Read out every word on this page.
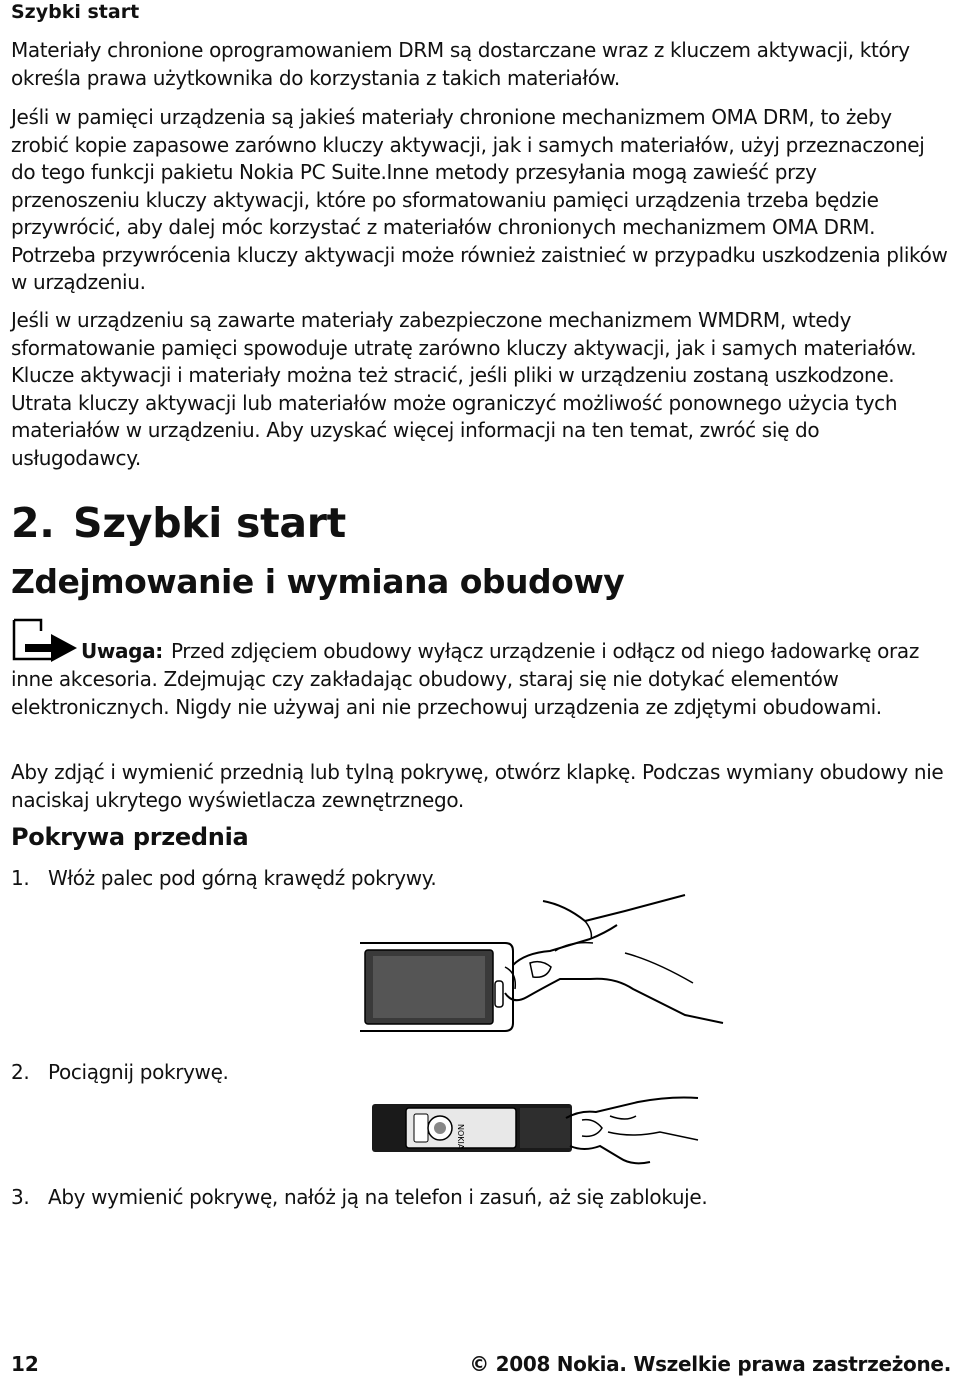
Szybki start
Materiały chronione oprogramowaniem DRM są dostarczane wraz z kluczem aktywacji, który określa prawa użytkownika do korzystania z takich materiałów.
Jeśli w pamięci urządzenia są jakieś materiały chronione mechanizmem OMA DRM, to żeby zrobić kopie zapasowe zarówno kluczy aktywacji, jak i samych materiałów, użyj przeznaczonej do tego funkcji pakietu Nokia PC Suite.Inne metody przesyłania mogą zawieść przy przenoszeniu kluczy aktywacji, które po sformatowaniu pamięci urządzenia trzeba będzie przywrócić, aby dalej móc korzystać z materiałów chronionych mechanizmem OMA DRM. Potrzeba przywrócenia kluczy aktywacji może również zaistnieć w przypadku uszkodzenia plików w urządzeniu.
Jeśli w urządzeniu są zawarte materiały zabezpieczone mechanizmem WMDRM, wtedy sformatowanie pamięci spowoduje utratę zarówno kluczy aktywacji, jak i samych materiałów. Klucze aktywacji i materiały można też stracić, jeśli pliki w urządzeniu zostaną uszkodzone. Utrata kluczy aktywacji lub materiałów może ograniczyć możliwość ponownego użycia tych materiałów w urządzeniu. Aby uzyskać więcej informacji na ten temat, zwróć się do usługodawcy.
2. Szybki start
Zdejmowanie i wymiana obudowy
Uwaga: Przed zdjęciem obudowy wyłącz urządzenie i odłącz od niego ładowarkę oraz inne akcesoria. Zdejmując czy zakładając obudowy, staraj się nie dotykać elementów elektronicznych. Nigdy nie używaj ani nie przechowuj urządzenia ze zdjętymi obudowami.
Aby zdjąć i wymienić przednią lub tylną pokrywę, otwórz klapkę. Podczas wymiany obudowy nie naciskaj ukrytego wyświetlacza zewnętrznego.
Pokrywa przednia
1. Włóż palec pod górną krawędź pokrywy.
2. Pociągnij pokrywę.
NOKIA
3. Aby wymienić pokrywę, nałóż ją na telefon i zasuń, aż się zablokuje.
12	© 2008 Nokia. Wszelkie prawa zastrzeżone.
